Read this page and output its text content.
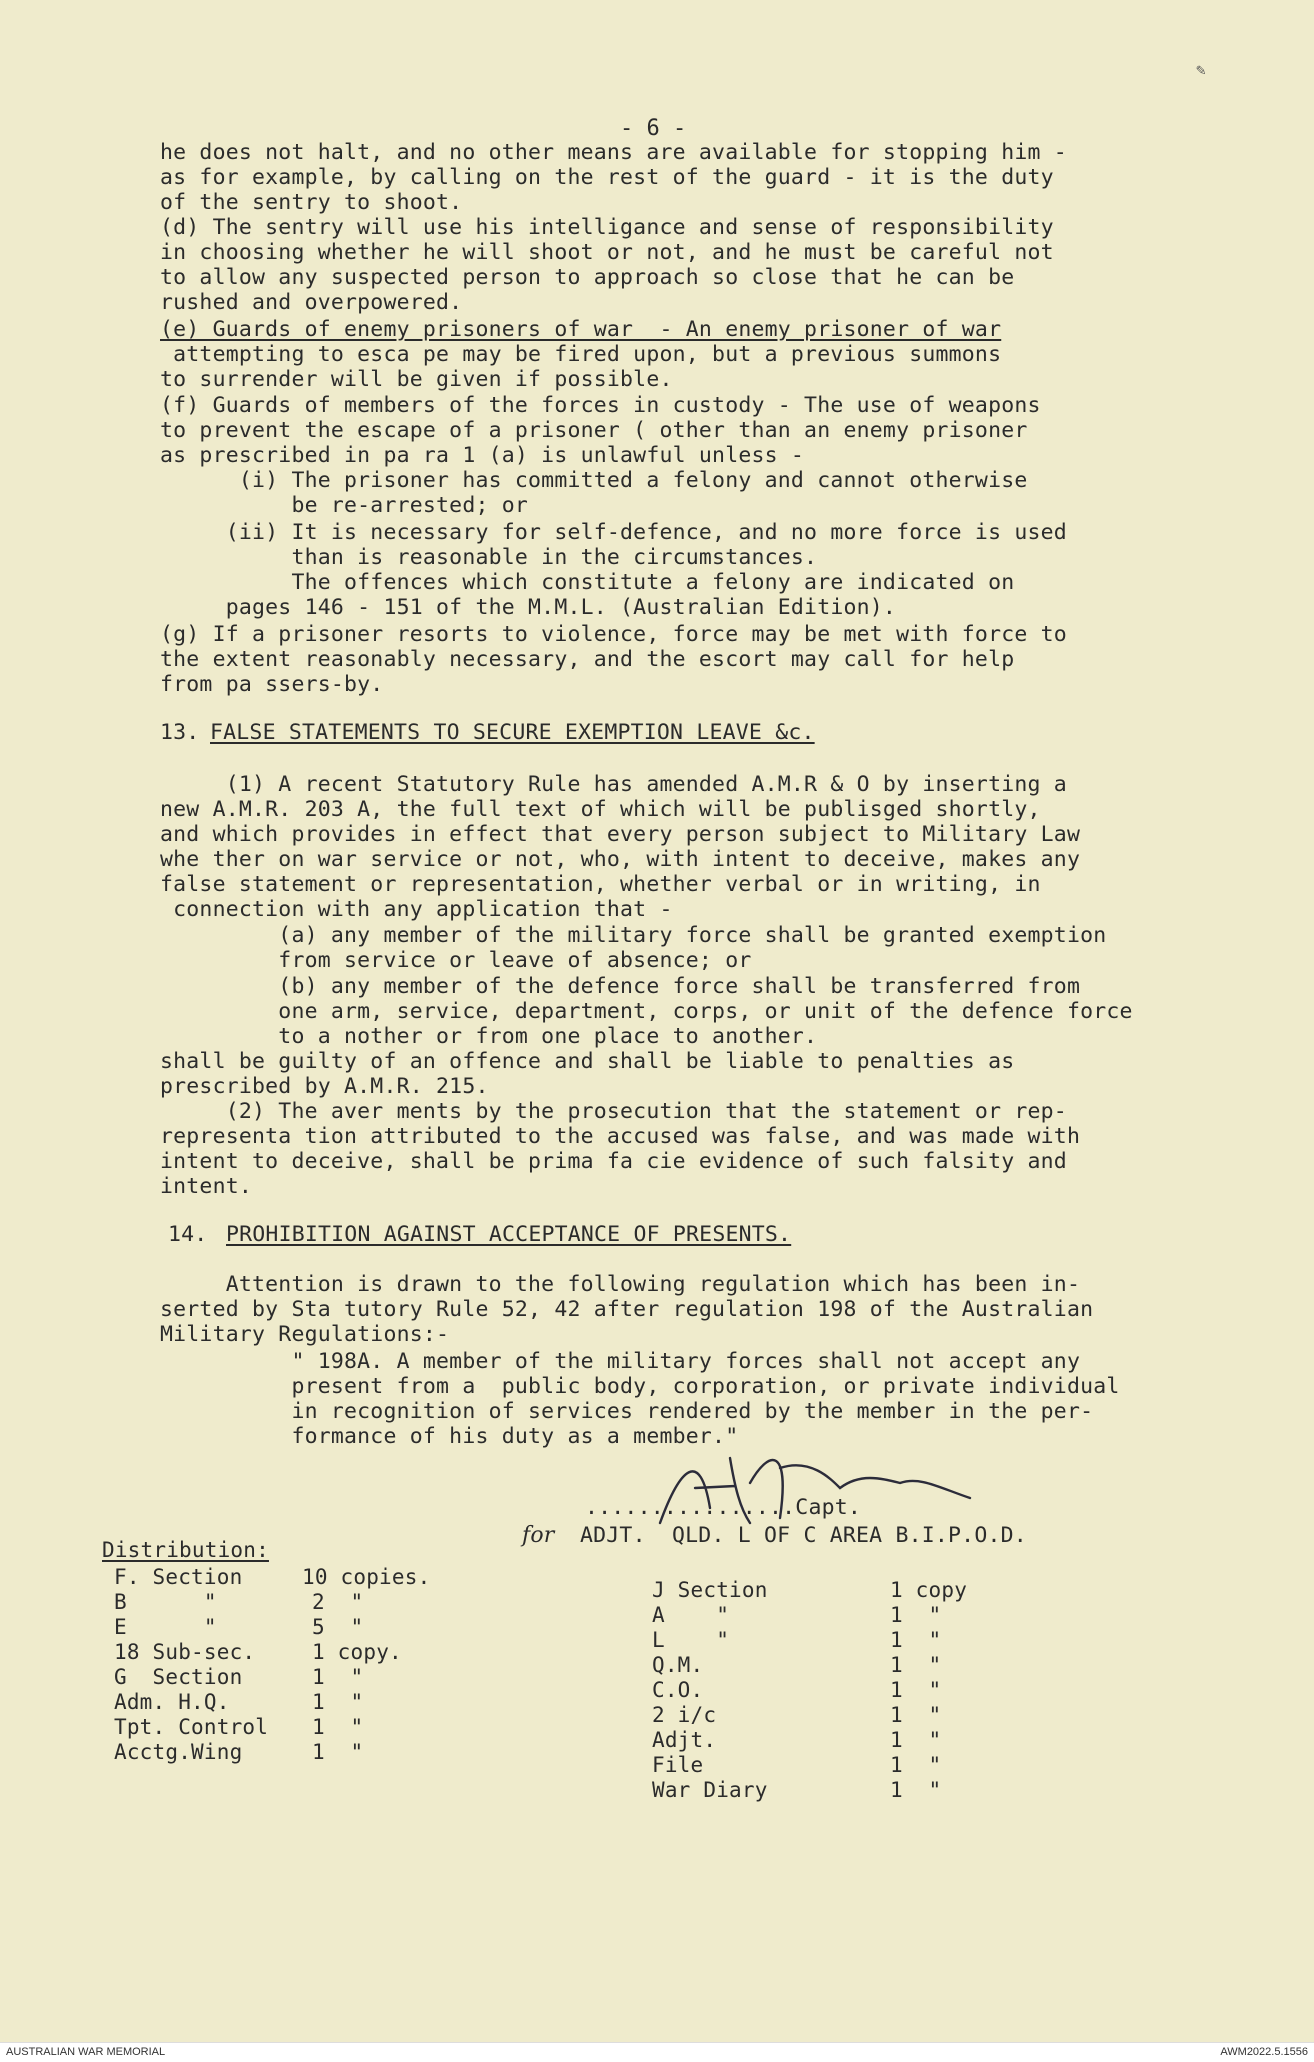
✎
- 6 -
he does not halt, and no other means are available for stopping him -
as for example, by calling on the rest of the guard - it is the duty
of the sentry to shoot.
(d) The sentry will use his intelligance and sense of responsibility
in choosing whether he will shoot or not, and he must be careful not
to allow any suspected person to approach so close that he can be
rushed and overpowered.
(e) Guards of enemy prisoners of war  - An enemy prisoner of war
attempting to esca pe may be fired upon, but a previous summons
to surrender will be given if possible.
(f) Guards of members of the forces in custody - The use of weapons
to prevent the escape of a prisoner ( other than an enemy prisoner
as prescribed in pa ra 1 (a) is unlawful unless -
(i) The prisoner has committed a felony and cannot otherwise
be re-arrested; or
(ii) It is necessary for self-defence, and no more force is used
than is reasonable in the circumstances.
The offences which constitute a felony are indicated on
pages 146 - 151 of the M.M.L. (Australian Edition).
(g) If a prisoner resorts to violence, force may be met with force to
the extent reasonably necessary, and the escort may call for help
from pa ssers-by.
13. FALSE STATEMENTS TO SECURE EXEMPTION LEAVE &c.
(1) A recent Statutory Rule has amended A.M.R & O by inserting a
new A.M.R. 203 A, the full text of which will be publisged shortly,
and which provides in effect that every person subject to Military Law
whe ther on war service or not, who, with intent to deceive, makes any
false statement or representation, whether verbal or in writing, in
connection with any application that -
(a) any member of the military force shall be granted exemption
from service or leave of absence; or
(b) any member of the defence force shall be transferred from
one arm, service, department, corps, or unit of the defence force
to a nother or from one place to another.
shall be guilty of an offence and shall be liable to penalties as
prescribed by A.M.R. 215.
(2) The aver ments by the prosecution that the statement or rep-
representa tion attributed to the accused was false, and was made with
intent to deceive, shall be prima fa cie evidence of such falsity and
intent.
14. PROHIBITION AGAINST ACCEPTANCE OF PRESENTS.
Attention is drawn to the following regulation which has been in-
serted by Sta tutory Rule 52, 42 after regulation 198 of the Australian
Military Regulations:-
" 198A. A member of the military forces shall not accept any
present from a  public body, corporation, or private individual
in recognition of services rendered by the member in the per-
formance of his duty as a member."
................Capt.
for ADJT.  QLD. L OF C AREA B.I.P.O.D.
Distribution:
F. Section	10 copies.
B      "	2  "
E      "	5  "
18 Sub-sec.	1 copy.
G  Section	1  "
Adm. H.Q.	1  "
Tpt. Control 1  "
Acctg.Wing	1  "
J Section	1 copy
A    "	1  "
L    "	1  "
Q.M.	1  "
C.O.	1  "
2 i/c	1  "
Adjt.	1  "
File	1  "
War Diary	1  "
AUSTRALIAN WAR MEMORIAL	AWM2022.5.1556
